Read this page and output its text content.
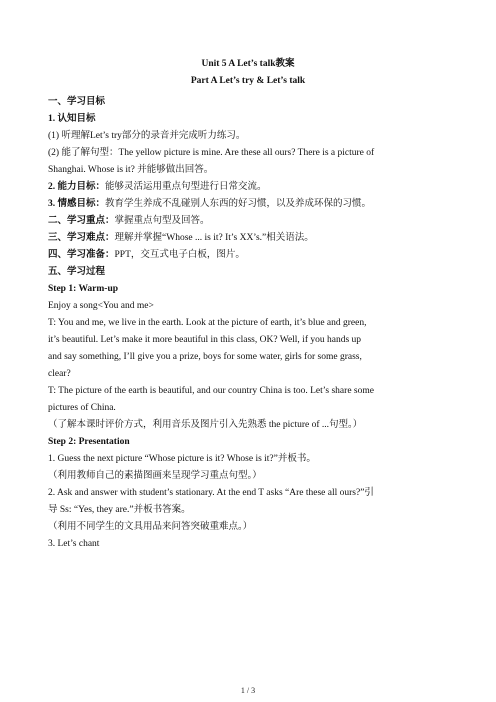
Unit 5 A Let’s talk教案

Part A Let’s try & Let’s talk

一、学习目标

1. 认知目标

(1) 听理解Let’s try部分的录音并完成听力练习。

(2) 能了解句型：The yellow picture is mine. Are these all ours? There is a picture of

Shanghai. Whose is it? 并能够做出回答。

2. 能力目标：能够灵活运用重点句型进行日常交流。

3. 情感目标：教育学生养成不乱碰别人东西的好习惯，以及养成环保的习惯。

二、学习重点：掌握重点句型及回答。

三、学习难点：理解并掌握“Whose ... is it? It’s XX’s.”相关语法。

四、学习准备：PPT，交互式电子白板，图片。

五、学习过程

Step 1: Warm-up

Enjoy a song<You and me>

T: You and me, we live in the earth. Look at the picture of earth, it’s blue and green,

it’s beautiful. Let’s make it more beautiful in this class, OK? Well, if you hands up

and say something, I’ll give you a prize, boys for some water, girls for some grass,

clear?

T: The picture of the earth is beautiful, and our country China is too. Let’s share some

pictures of China.

（了解本课时评价方式，利用音乐及图片引入先熟悉 the picture of ...句型。）

Step 2: Presentation

1. Guess the next picture “Whose picture is it? Whose is it?”并板书。

（利用教师自己的素描图画来呈现学习重点句型。）

2. Ask and answer with student’s stationary. At the end T asks “Are these all ours?”引

导 Ss: “Yes, they are.”并板书答案。

（利用不同学生的文具用品来问答突破重难点。）

3. Let’s chant

1 / 3
